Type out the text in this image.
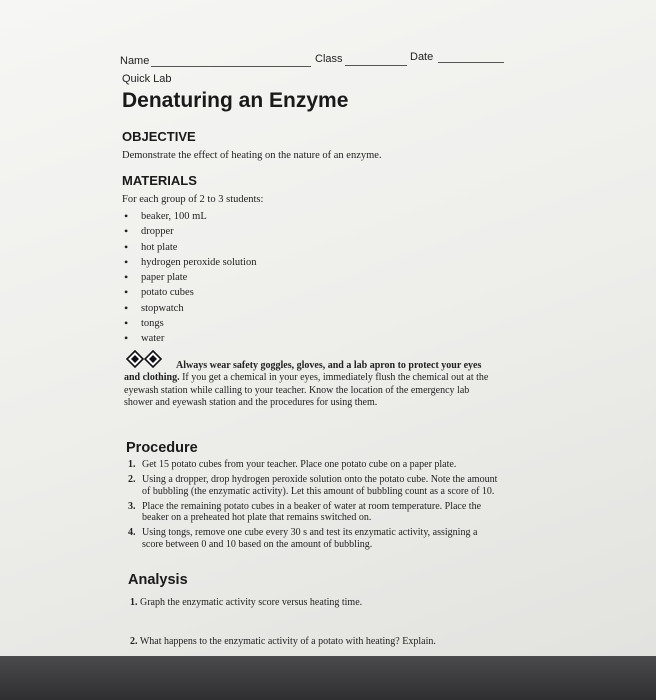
Name	Class	Date
Quick Lab
Denaturing an Enzyme
OBJECTIVE

Demonstrate the effect of heating on the nature of an enzyme.

MATERIALS

For each group of 2 to 3 students:

• beaker, 100 mL
• dropper
• hot plate
• hydrogen peroxide solution
• paper plate
• potato cubes
• stopwatch
• tongs
• water

Always wear safety goggles, gloves, and a lab apron to protect your eyes and clothing. If you get a chemical in your eyes, immediately flush the chemical out at the eyewash station while calling to your teacher. Know the location of the emergency lab shower and eyewash station and the procedures for using them.

Procedure
1. Get 15 potato cubes from your teacher. Place one potato cube on a paper plate.
2. Using a dropper, drop hydrogen peroxide solution onto the potato cube. Note the amount of bubbling (the enzymatic activity). Let this amount of bubbling count as a score of 10.
3. Place the remaining potato cubes in a beaker of water at room temperature. Place the beaker on a preheated hot plate that remains switched on.
4. Using tongs, remove one cube every 30 s and test its enzymatic activity, assigning a score between 0 and 10 based on the amount of bubbling.
Analysis

1. Graph the enzymatic activity score versus heating time.

2. What happens to the enzymatic activity of a potato with heating? Explain.
